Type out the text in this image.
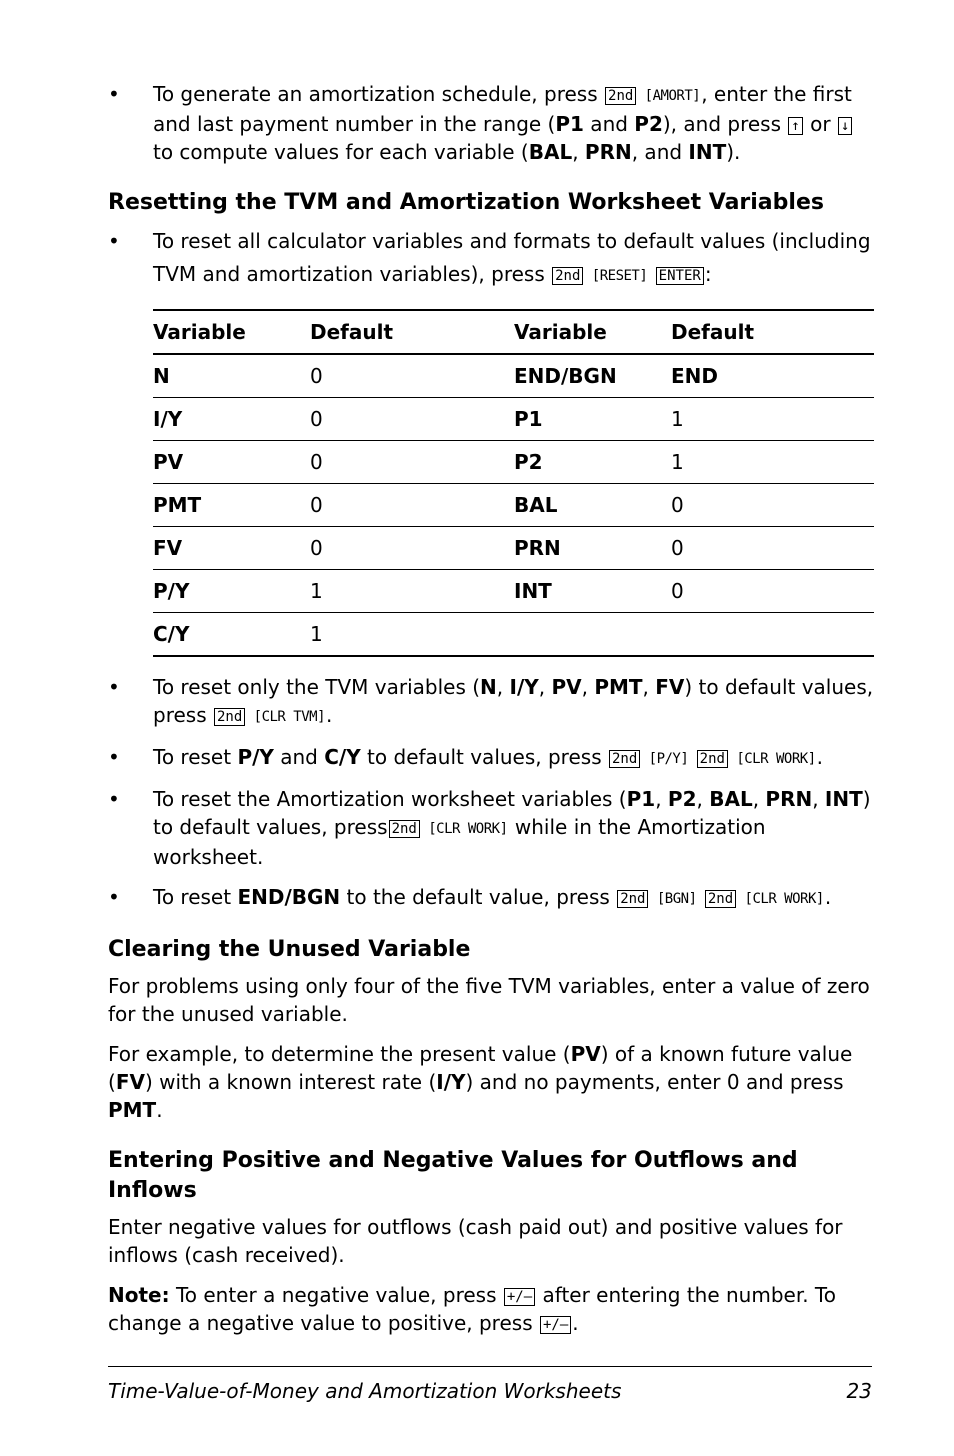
• To generate an amortization schedule, press 2nd [ AMORT ] , enter the first and last payment number in the range (P1 and P2), and press ↑ or ↓ to compute values for each variable (BAL, PRN, and INT).
Resetting the TVM and Amortization Worksheet Variables
• To reset all calculator variables and formats to default values (including TVM and amortization variables), press 2nd [ RESET ] ENTER :
Variable	Default	Variable	Default
N	0	END/BGN	END
I/Y	0	P1	1
PV	0	P2	1
PMT	0	BAL	0
FV	0	PRN	0
P/Y	1	INT	0
C/Y	1		
• To reset only the TVM variables (N, I/Y, PV, PMT, FV) to default values, press 2nd [ CLR TVM ] .
• To reset P/Y and C/Y to default values, press 2nd [ P/Y ] 2nd [ CLR WORK ] .
• To reset the Amortization worksheet variables (P1, P2, BAL, PRN, INT) to default values, press 2nd [ CLR WORK ] while in the Amortization worksheet.
• To reset END/BGN to the default value, press 2nd [ BGN ] 2nd [ CLR WORK ] .
Clearing the Unused Variable

For problems using only four of the five TVM variables, enter a value of zero for the unused variable.

For example, to determine the present value (PV) of a known future value (FV) with a known interest rate (I/Y) and no payments, enter 0 and press PMT.

Entering Positive and Negative Values for Outflows and Inflows

Enter negative values for outflows (cash paid out) and positive values for inflows (cash received).

Note: To enter a negative value, press +/– after entering the number. To change a negative value to positive, press +/– .

Time-Value-of-Money and Amortization Worksheets	23
